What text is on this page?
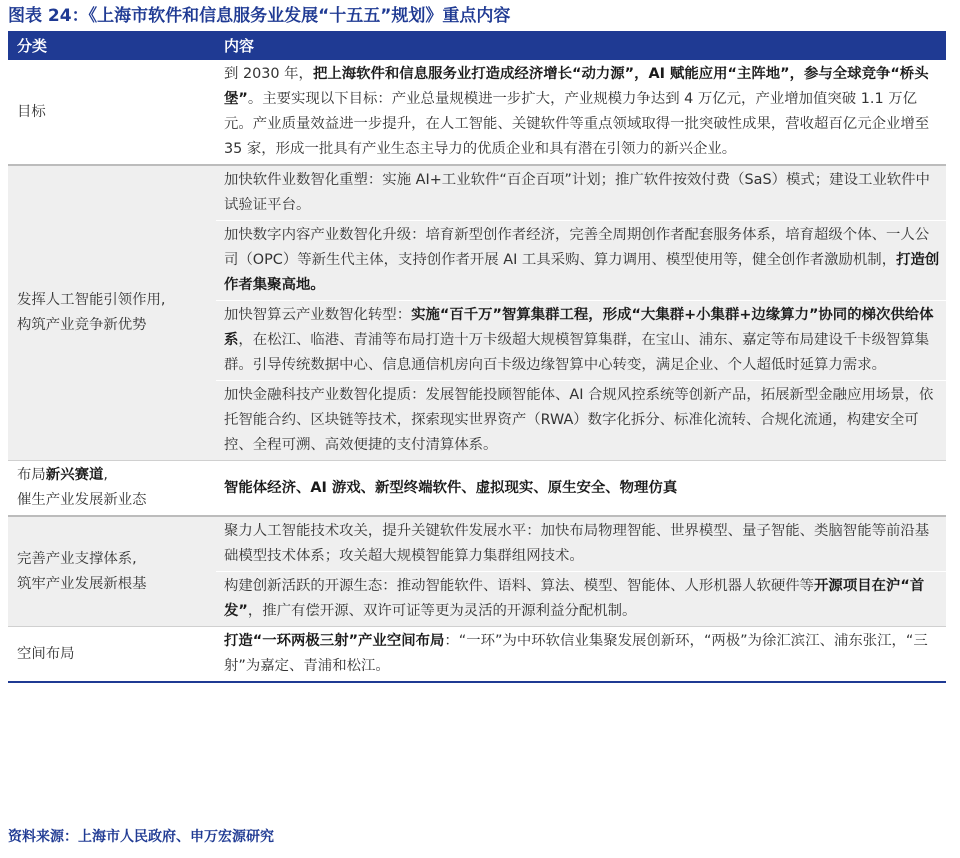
图表 24：《上海市软件和信息服务业发展“十五五”规划》重点内容
分类	内容
目标	到 2030 年，把上海软件和信息服务业打造成经济增长“动力源”，AI 赋能应用“主阵地”，参与全球竞争“桥头堡”。主要实现以下目标：产业总量规模进一步扩大，产业规模力争达到 4 万亿元，产业增加值突破 1.1 万亿元。产业质量效益进一步提升，在人工智能、关键软件等重点领域取得一批突破性成果，营收超百亿元企业增至 35 家，形成一批具有产业生态主导力的优质企业和具有潜在引领力的新兴企业。

发挥人工智能引领作用,
构筑产业竞争新优势	加快软件业数智化重塑：实施 AI+工业软件“百企百项”计划；推广软件按效付费（SaS）模式；建设工业软件中试验证平台。
	加快数字内容产业数智化升级：培育新型创作者经济，完善全周期创作者配套服务体系，培育超级个体、一人公司（OPC）等新生代主体，支持创作者开展 AI 工具采购、算力调用、模型使用等，健全创作者激励机制，打造创作者集聚高地。
	加快智算云产业数智化转型：实施“百千万”智算集群工程，形成“大集群+小集群+边缘算力”协同的梯次供给体系，在松江、临港、青浦等布局打造十万卡级超大规模智算集群，在宝山、浦东、嘉定等布局建设千卡级智算集群。引导传统数据中心、信息通信机房向百卡级边缘智算中心转变，满足企业、个人超低时延算力需求。
	加快金融科技产业数智化提质：发展智能投顾智能体、AI 合规风控系统等创新产品，拓展新型金融应用场景，依托智能合约、区块链等技术，探索现实世界资产（RWA）数字化拆分、标准化流转、合规化流通，构建安全可控、全程可溯、高效便捷的支付清算体系。

布局新兴赛道,
催生产业发展新业态	智能体经济、AI 游戏、新型终端软件、虚拟现实、原生安全、物理仿真

完善产业支撑体系,
筑牢产业发展新根基	聚力人工智能技术攻关，提升关键软件发展水平：加快布局物理智能、世界模型、量子智能、类脑智能等前沿基础模型技术体系；攻关超大规模智能算力集群组网技术。
	构建创新活跃的开源生态：推动智能软件、语料、算法、模型、智能体、人形机器人软硬件等开源项目在沪“首发”，推广有偿开源、双许可证等更为灵活的开源利益分配机制。
空间布局	打造“一环两极三射”产业空间布局：“一环”为中环软信业集聚发展创新环，“两极”为徐汇滨江、浦东张江，“三射”为嘉定、青浦和松江。
资料来源：上海市人民政府、申万宏源研究
